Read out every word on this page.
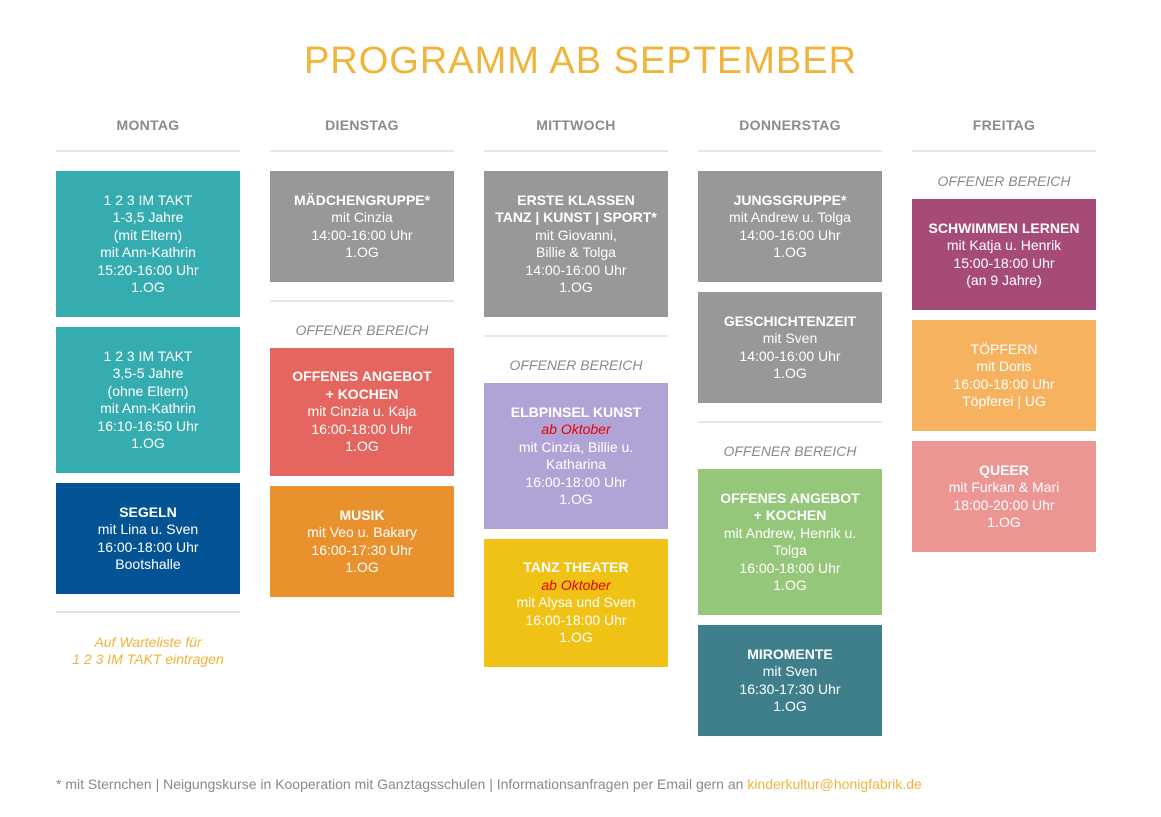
PROGRAMM AB SEPTEMBER
MONTAG
1 2 3 IM TAKT
1-3,5 Jahre
(mit Eltern)
mit Ann-Kathrin
15:20-16:00 Uhr
1.OG
1 2 3 IM TAKT
3,5-5 Jahre
(ohne Eltern)
mit Ann-Kathrin
16:10-16:50 Uhr
1.OG
SEGELN
mit Lina u. Sven
16:00-18:00 Uhr
Bootshalle
Auf Warteliste für
1 2 3 IM TAKT eintragen
DIENSTAG
MÄDCHENGRUPPE*
mit Cinzia
14:00-16:00 Uhr
1.OG
OFFENER BEREICH
OFFENES ANGEBOT
+ KOCHEN
mit Cinzia u. Kaja
16:00-18:00 Uhr
1.OG
MUSIK
mit Veo u. Bakary
16:00-17:30 Uhr
1.OG
MITTWOCH
ERSTE KLASSEN
TANZ | KUNST | SPORT*
mit Giovanni,
Billie & Tolga
14:00-16:00 Uhr
1.OG
OFFENER BEREICH
ELBPINSEL KUNST
ab Oktober
mit Cinzia, Billie u.
Katharina
16:00-18:00 Uhr
1.OG
TANZ THEATER
ab Oktober
mit Alysa und Sven
16:00-18:00 Uhr
1.OG
DONNERSTAG
JUNGSGRUPPE*
mit Andrew u. Tolga
14:00-16:00 Uhr
1.OG
GESCHICHTENZEIT
mit Sven
14:00-16:00 Uhr
1.OG
OFFENER BEREICH
OFFENES ANGEBOT
+ KOCHEN
mit Andrew, Henrik u.
Tolga
16:00-18:00 Uhr
1.OG
MIROMENTE
mit Sven
16:30-17:30 Uhr
1.OG
FREITAG
OFFENER BEREICH
SCHWIMMEN LERNEN
mit Katja u. Henrik
15:00-18:00 Uhr
(an 9 Jahre)
TÖPFERN
mit Doris
16:00-18:00 Uhr
Töpferei | UG
QUEER
mit Furkan & Mari
18:00-20:00 Uhr
1.OG
* mit Sternchen | Neigungskurse in Kooperation mit Ganztagsschulen | Informationsanfragen per Email gern an kinderkultur@honigfabrik.de
